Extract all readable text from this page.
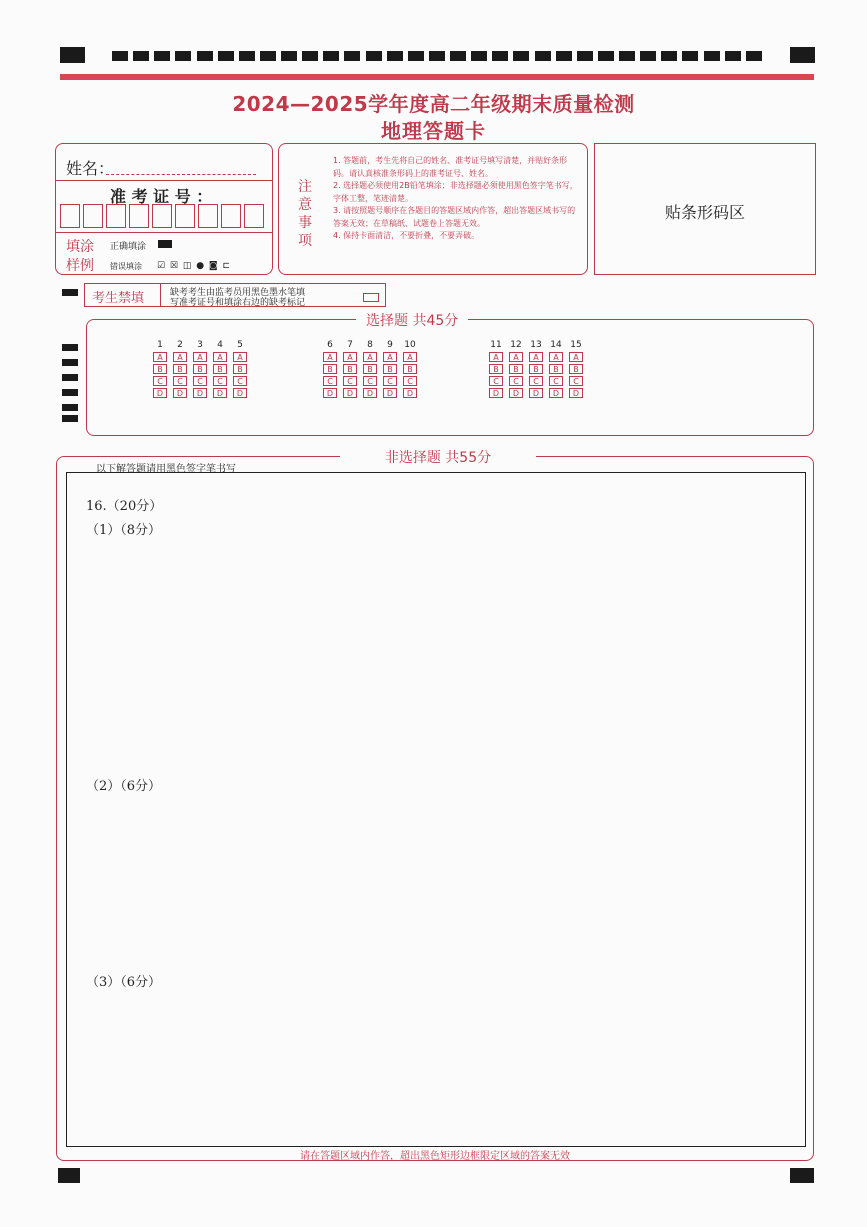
2024—2025学年度高二年级期末质量检测
地理答题卡
姓名：
准 考 证 号 ：
填涂
样例
正确填涂
错误填涂 ☑ ☒ ◫ ● ◙ ⊏
注
意
事
项
1. 答题前，考生先将自己的姓名、准考证号填写清楚，并贴好条形码。请认真核准条形码上的准考证号、姓名。
2. 选择题必须使用2B铅笔填涂；非选择题必须使用黑色签字笔书写，字体工整，笔迹清楚。
3. 请按照题号顺序在各题目的答题区域内作答，超出答题区域书写的答案无效；在草稿纸、试题卷上答题无效。
4. 保持卡面清洁，不要折叠，不要弄破。
贴条形码区
考生禁填	缺考考生由监考员用黑色墨水笔填
写准考证号和填涂右边的缺考标记
选择题 共45分
1	2	3	4	5
A	A	A	A	A
B	B	B	B	B
C	C	C	C	C
D	D	D	D	D
6	7	8	9	10
A	A	A	A	A
B	B	B	B	B
C	C	C	C	C
D	D	D	D	D
11 12 13 14 15
A	A	A	A	A
B	B	B	B	B
C	C	C	C	C
D	D	D	D	D
非选择题 共55分
以下解答题请用黑色签字笔书写
16.（20分）
（1）（8分）
（2）（6分）
（3）（6分）
请在答题区域内作答，超出黑色矩形边框限定区域的答案无效
